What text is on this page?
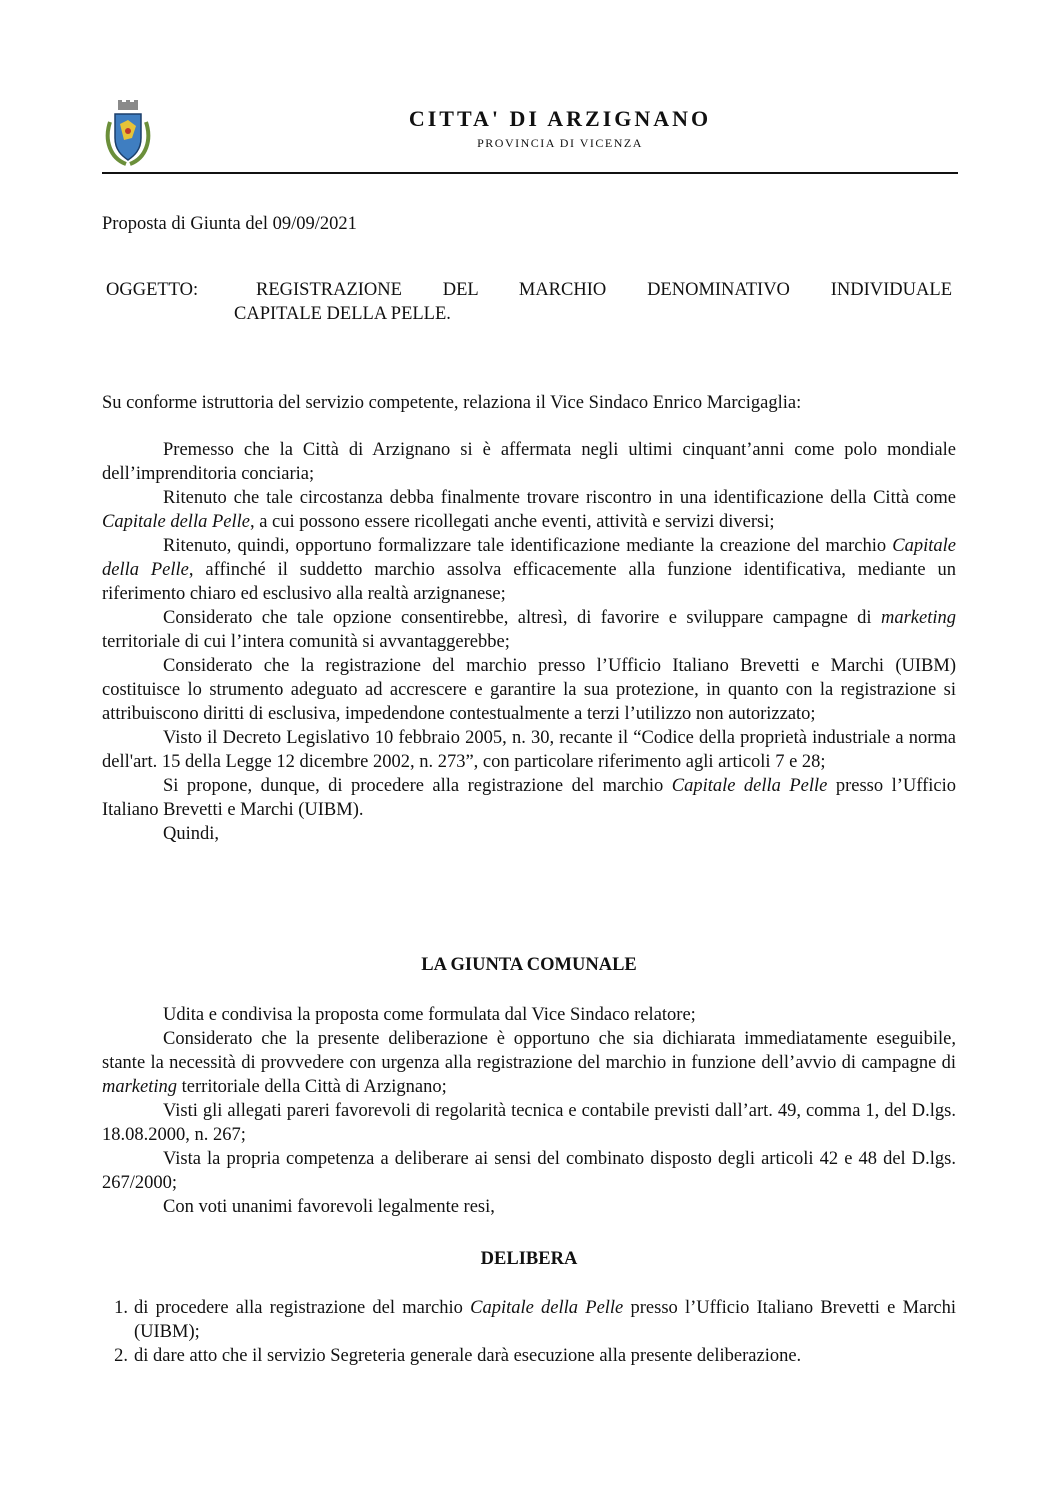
CITTA' DI ARZIGNANO
PROVINCIA DI VICENZA
Proposta di Giunta del 09/09/2021
OGGETTO:	REGISTRAZIONE DEL MARCHIO DENOMINATIVO INDIVIDUALE
CAPITALE DELLA PELLE.
Su conforme istruttoria del servizio competente, relaziona il Vice Sindaco Enrico Marcigaglia:

Premesso che la Città di Arzignano si è affermata negli ultimi cinquant’anni come polo mondiale dell’imprenditoria conciaria;

Ritenuto che tale circostanza debba finalmente trovare riscontro in una identificazione della Città come Capitale della Pelle, a cui possono essere ricollegati anche eventi, attività e servizi diversi;

Ritenuto, quindi, opportuno formalizzare tale identificazione mediante la creazione del marchio Capitale della Pelle, affinché il suddetto marchio assolva efficacemente alla funzione identificativa, mediante un riferimento chiaro ed esclusivo alla realtà arzignanese;

Considerato che tale opzione consentirebbe, altresì, di favorire e sviluppare campagne di marketing territoriale di cui l’intera comunità si avvantaggerebbe;

Considerato che la registrazione del marchio presso l’Ufficio Italiano Brevetti e Marchi (UIBM) costituisce lo strumento adeguato ad accrescere e garantire la sua protezione, in quanto con la registrazione si attribuiscono diritti di esclusiva, impedendone contestualmente a terzi l’utilizzo non autorizzato;

Visto il Decreto Legislativo 10 febbraio 2005, n. 30, recante il “Codice della proprietà industriale a norma dell'art. 15 della Legge 12 dicembre 2002, n. 273”, con particolare riferimento agli articoli 7 e 28;

Si propone, dunque, di procedere alla registrazione del marchio Capitale della Pelle presso l’Ufficio Italiano Brevetti e Marchi (UIBM).

Quindi,

LA GIUNTA COMUNALE

Udita e condivisa la proposta come formulata dal Vice Sindaco relatore;

Considerato che la presente deliberazione è opportuno che sia dichiarata immediatamente eseguibile, stante la necessità di provvedere con urgenza alla registrazione del marchio in funzione dell’avvio di campagne di marketing territoriale della Città di Arzignano;

Visti gli allegati pareri favorevoli di regolarità tecnica e contabile previsti dall’art. 49, comma 1, del D.lgs. 18.08.2000, n. 267;

Vista la propria competenza a deliberare ai sensi del combinato disposto degli articoli 42 e 48 del D.lgs. 267/2000;

Con voti unanimi favorevoli legalmente resi,

DELIBERA
1. di procedere alla registrazione del marchio Capitale della Pelle presso l’Ufficio Italiano Brevetti e Marchi (UIBM);
2. di dare atto che il servizio Segreteria generale darà esecuzione alla presente deliberazione.
